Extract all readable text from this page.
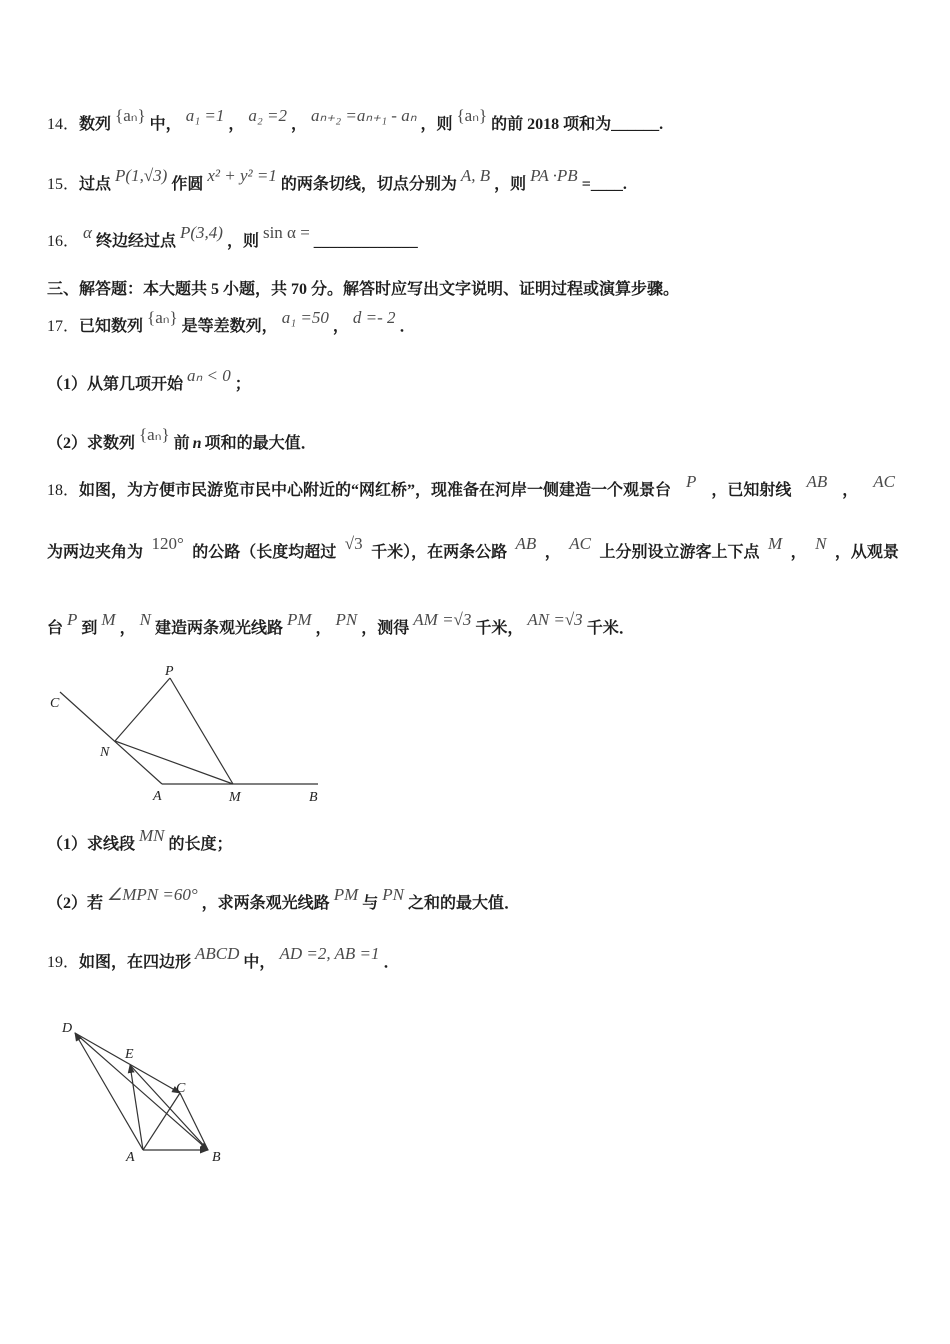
14． 数列 {aₙ} 中， a₁ =1 ， a₂ =2 ， aₙ₊₂ =aₙ₊₁ - aₙ ，则 {aₙ} 的前 2018 项和为 ______ .
15． 过点 P(1,√3) 作圆 x² + y² =1 的两条切线，切点分别为 A, B ，则 PA ·PB = ____ .
16． α 终边经过点 P(3,4) ，则 sin α = _____________
三、解答题：本大题共 5 小题，共 70 分。解答时应写出文字说明、证明过程或演算步骤。
17． 已知数列 {aₙ} 是等差数列， a₁ =50 ， d =- 2 ．
（1）从第几项开始 aₙ < 0 ；
（2）求数列 {aₙ} 前 n 项和的最大值．
18．如图，为方便市民游览市民中心附近的“网红桥”，现准备在河岸一侧建造一个观景台 P ，已知射线 AB ， AC
为两边夹角为 120° 的公路（长度均超过 √3 千米），在两条公路 AB ， AC 上分别设立游客上下点 M ， N ，从观景
台 P 到 M ， N 建造两条观光线路 PM ， PN ，测得 AM =√3 千米， AN =√3 千米．
C
P
N
A	M	B
（1）求线段 MN 的长度；
（2）若 ∠MPN =60° ，求两条观光线路 PM 与 PN 之和的最大值．
19． 如图，在四边形 ABCD 中， AD =2, AB =1 ．
D
E
C
A	B
